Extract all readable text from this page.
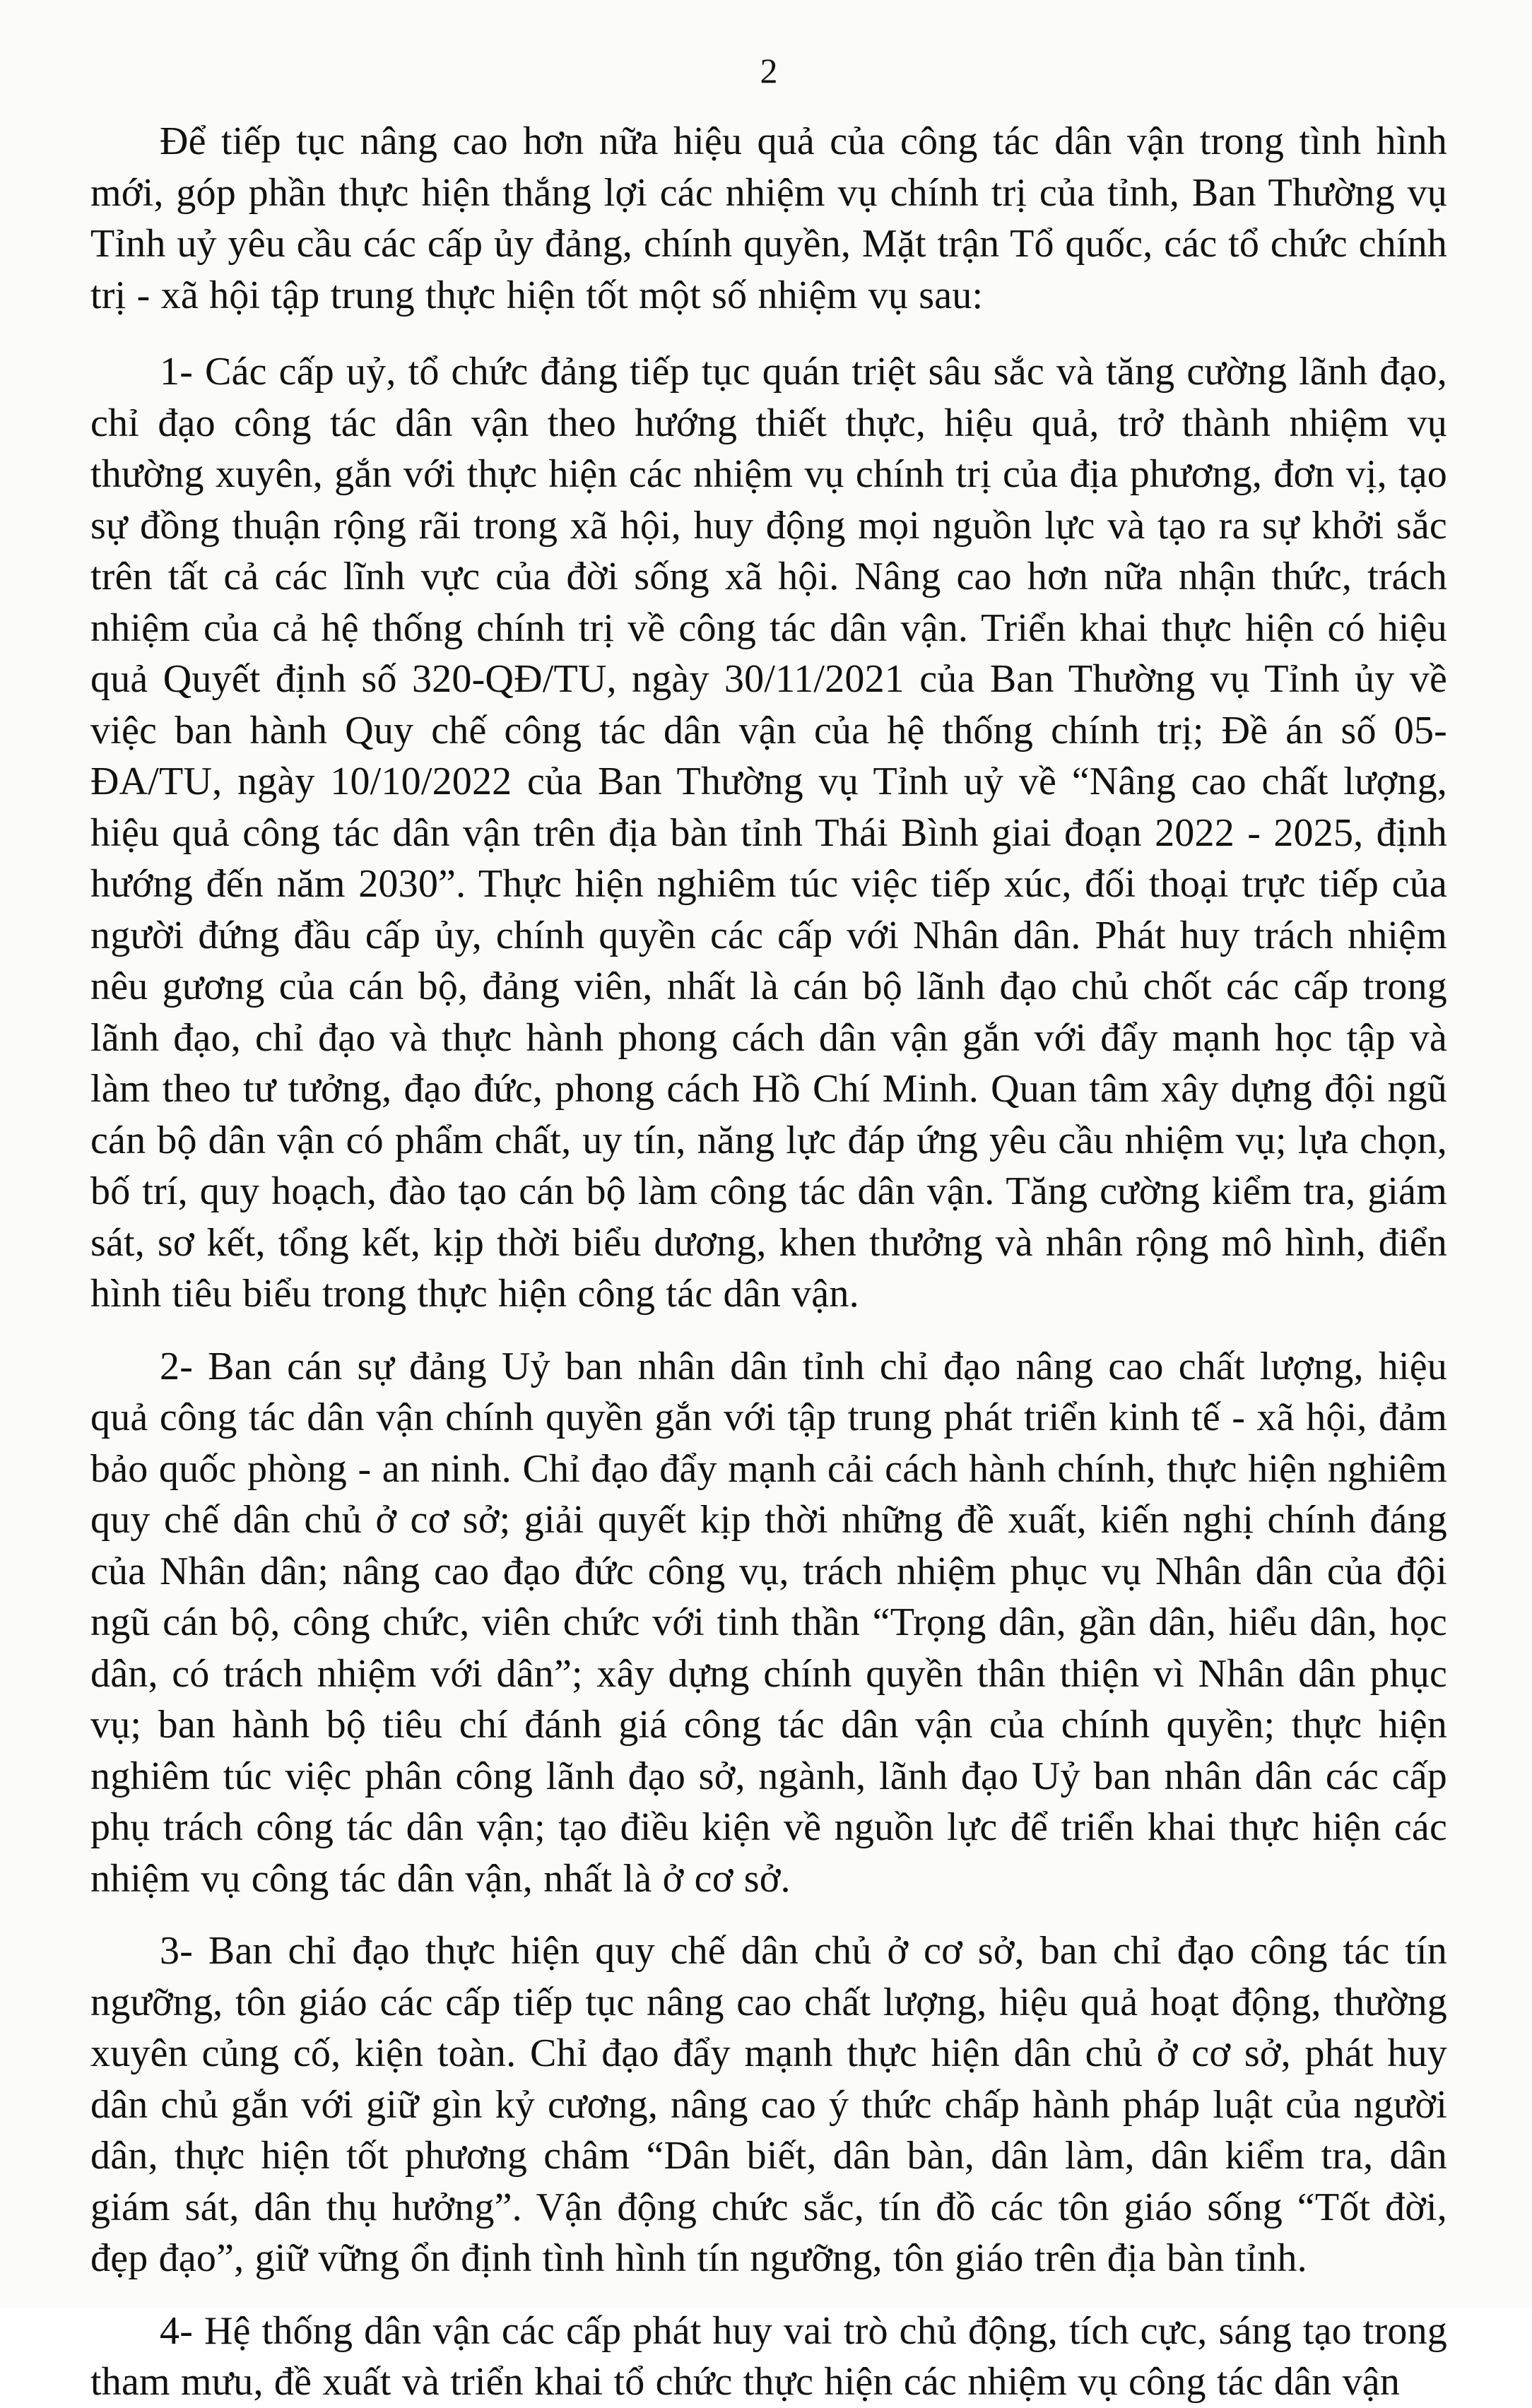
2

Để tiếp tục nâng cao hơn nữa hiệu quả của công tác dân vận trong tình hình mới, góp phần thực hiện thắng lợi các nhiệm vụ chính trị của tỉnh, Ban Thường vụ Tỉnh uỷ yêu cầu các cấp ủy đảng, chính quyền, Mặt trận Tổ quốc, các tổ chức chính trị - xã hội tập trung thực hiện tốt một số nhiệm vụ sau:

1- Các cấp uỷ, tổ chức đảng tiếp tục quán triệt sâu sắc và tăng cường lãnh đạo, chỉ đạo công tác dân vận theo hướng thiết thực, hiệu quả, trở thành nhiệm vụ thường xuyên, gắn với thực hiện các nhiệm vụ chính trị của địa phương, đơn vị, tạo sự đồng thuận rộng rãi trong xã hội, huy động mọi nguồn lực và tạo ra sự khởi sắc trên tất cả các lĩnh vực của đời sống xã hội. Nâng cao hơn nữa nhận thức, trách nhiệm của cả hệ thống chính trị về công tác dân vận. Triển khai thực hiện có hiệu quả Quyết định số 320-QĐ/TU, ngày 30/11/2021 của Ban Thường vụ Tỉnh ủy về việc ban hành Quy chế công tác dân vận của hệ thống chính trị; Đề án số 05-ĐA/TU, ngày 10/10/2022 của Ban Thường vụ Tỉnh uỷ về “Nâng cao chất lượng, hiệu quả công tác dân vận trên địa bàn tỉnh Thái Bình giai đoạn 2022 - 2025, định hướng đến năm 2030”. Thực hiện nghiêm túc việc tiếp xúc, đối thoại trực tiếp của người đứng đầu cấp ủy, chính quyền các cấp với Nhân dân. Phát huy trách nhiệm nêu gương của cán bộ, đảng viên, nhất là cán bộ lãnh đạo chủ chốt các cấp trong lãnh đạo, chỉ đạo và thực hành phong cách dân vận gắn với đẩy mạnh học tập và làm theo tư tưởng, đạo đức, phong cách Hồ Chí Minh. Quan tâm xây dựng đội ngũ cán bộ dân vận có phẩm chất, uy tín, năng lực đáp ứng yêu cầu nhiệm vụ; lựa chọn, bố trí, quy hoạch, đào tạo cán bộ làm công tác dân vận. Tăng cường kiểm tra, giám sát, sơ kết, tổng kết, kịp thời biểu dương, khen thưởng và nhân rộng mô hình, điển hình tiêu biểu trong thực hiện công tác dân vận.

2- Ban cán sự đảng Uỷ ban nhân dân tỉnh chỉ đạo nâng cao chất lượng, hiệu quả công tác dân vận chính quyền gắn với tập trung phát triển kinh tế - xã hội, đảm bảo quốc phòng - an ninh. Chỉ đạo đẩy mạnh cải cách hành chính, thực hiện nghiêm quy chế dân chủ ở cơ sở; giải quyết kịp thời những đề xuất, kiến nghị chính đáng của Nhân dân; nâng cao đạo đức công vụ, trách nhiệm phục vụ Nhân dân của đội ngũ cán bộ, công chức, viên chức với tinh thần “Trọng dân, gần dân, hiểu dân, học dân, có trách nhiệm với dân”; xây dựng chính quyền thân thiện vì Nhân dân phục vụ; ban hành bộ tiêu chí đánh giá công tác dân vận của chính quyền; thực hiện nghiêm túc việc phân công lãnh đạo sở, ngành, lãnh đạo Uỷ ban nhân dân các cấp phụ trách công tác dân vận; tạo điều kiện về nguồn lực để triển khai thực hiện các nhiệm vụ công tác dân vận, nhất là ở cơ sở.

3- Ban chỉ đạo thực hiện quy chế dân chủ ở cơ sở, ban chỉ đạo công tác tín ngưỡng, tôn giáo các cấp tiếp tục nâng cao chất lượng, hiệu quả hoạt động, thường xuyên củng cố, kiện toàn. Chỉ đạo đẩy mạnh thực hiện dân chủ ở cơ sở, phát huy dân chủ gắn với giữ gìn kỷ cương, nâng cao ý thức chấp hành pháp luật của người dân, thực hiện tốt phương châm “Dân biết, dân bàn, dân làm, dân kiểm tra, dân giám sát, dân thụ hưởng”. Vận động chức sắc, tín đồ các tôn giáo sống “Tốt đời, đẹp đạo”, giữ vững ổn định tình hình tín ngưỡng, tôn giáo trên địa bàn tỉnh.

4- Hệ thống dân vận các cấp phát huy vai trò chủ động, tích cực, sáng tạo trong tham mưu, đề xuất và triển khai tổ chức thực hiện các nhiệm vụ công tác dân vận
